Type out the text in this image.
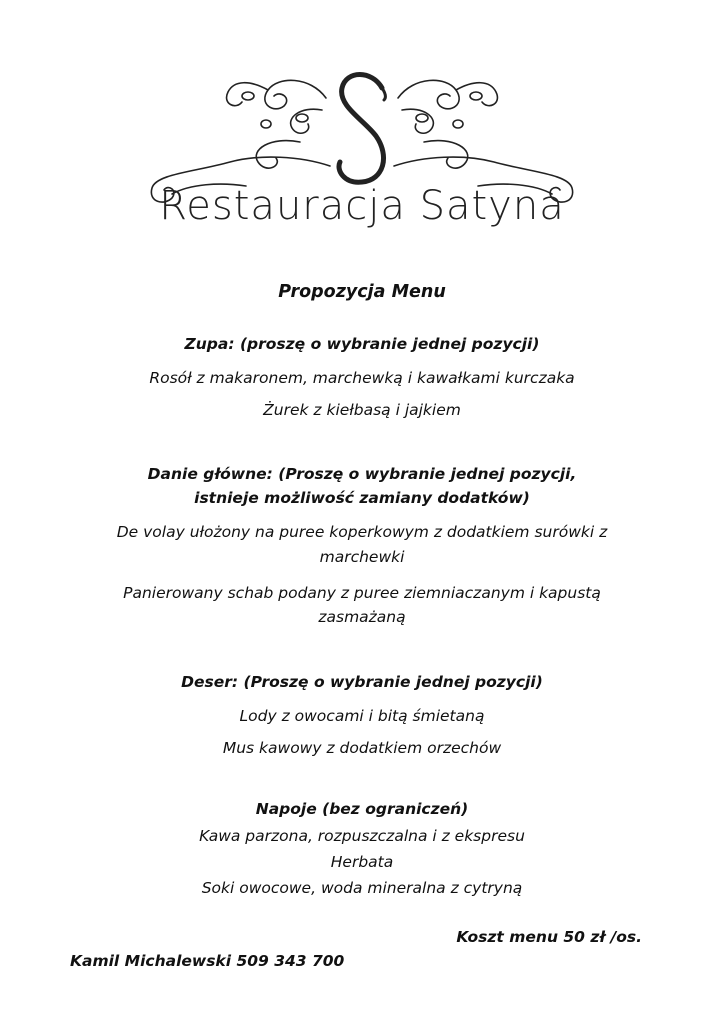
Restauracja Satyna
Propozycja Menu
Zupa: (proszę o wybranie jednej pozycji)
Rosół z makaronem, marchewką i kawałkami kurczaka
Żurek z kiełbasą i jajkiem
Danie główne: (Proszę o wybranie jednej pozycji,
istnieje możliwość zamiany dodatków)
De volay ułożony na puree koperkowym z dodatkiem surówki z
marchewki
Panierowany schab podany z puree ziemniaczanym i kapustą
zasmażaną
Deser: (Proszę o wybranie jednej pozycji)
Lody z owocami i bitą śmietaną
Mus kawowy z dodatkiem orzechów
Napoje (bez ograniczeń)
Kawa parzona, rozpuszczalna i z ekspresu
Herbata
Soki owocowe, woda mineralna z cytryną
Koszt menu 50 zł /os.
Kamil Michalewski 509 343 700
